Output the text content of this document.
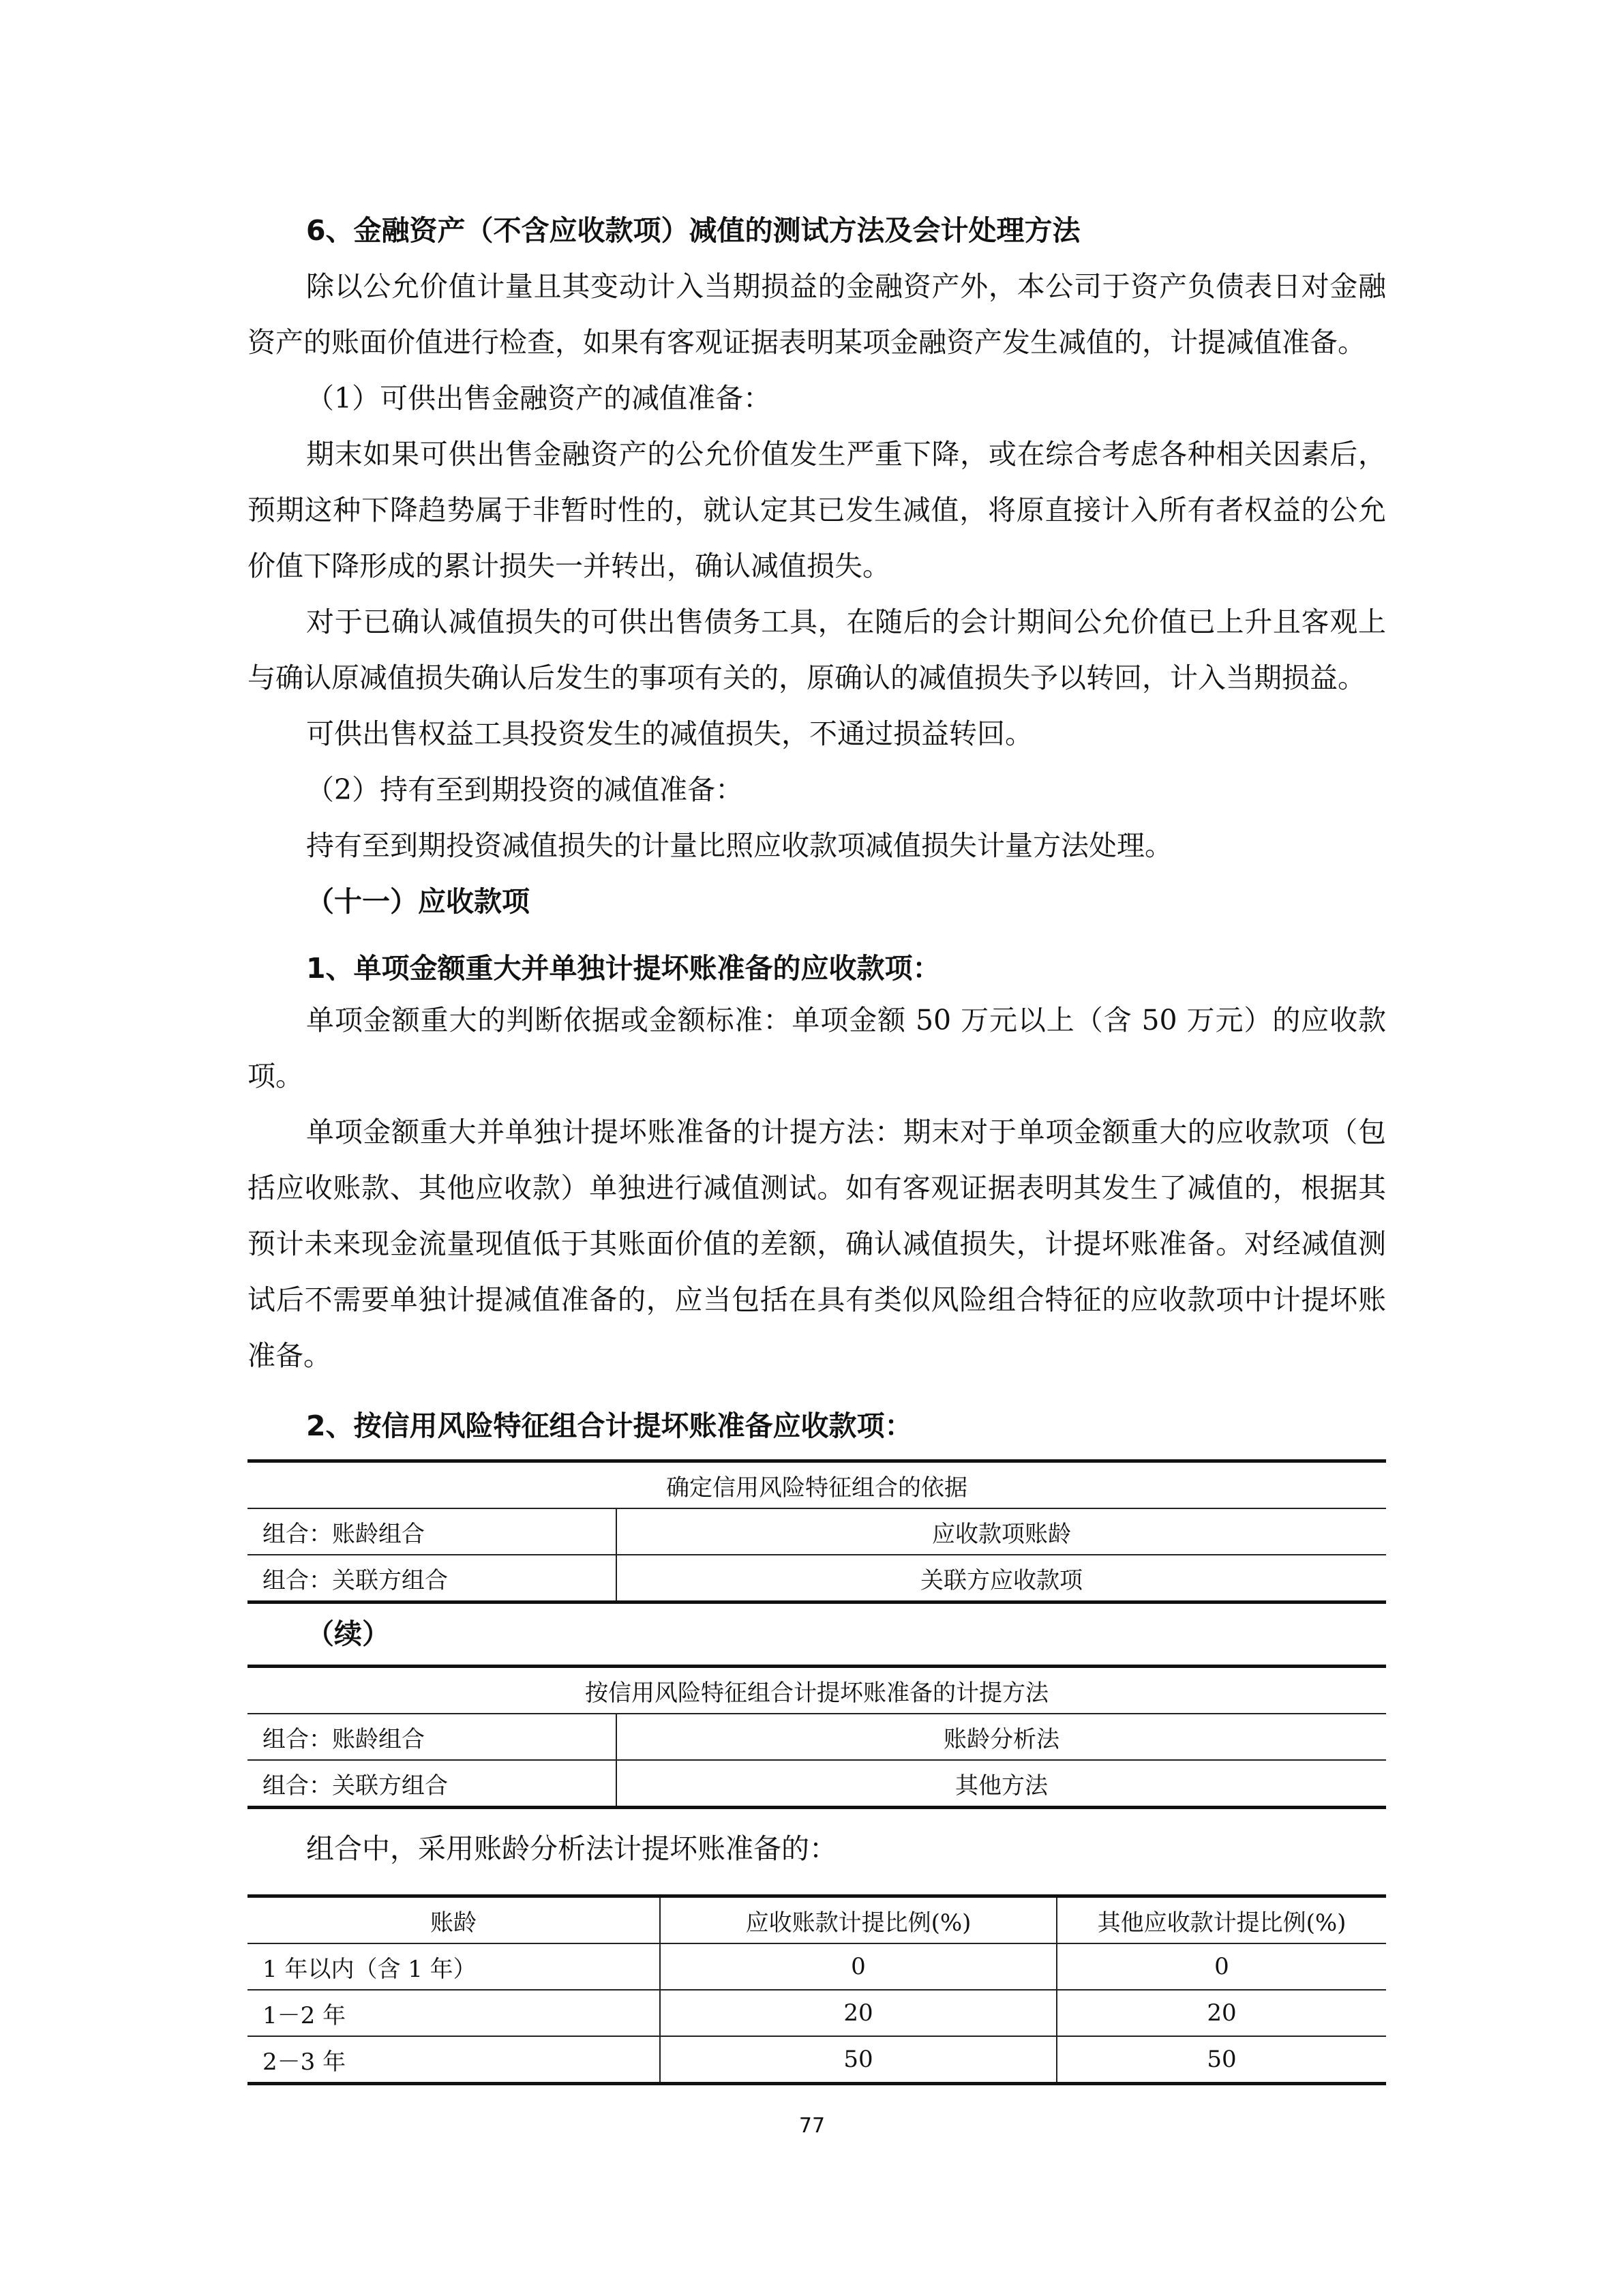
6、金融资产（不含应收款项）减值的测试方法及会计处理方法
除以公允价值计量且其变动计入当期损益的金融资产外，本公司于资产负债表日对金融资产的账面价值进行检查，如果有客观证据表明某项金融资产发生减值的，计提减值准备。
（1）可供出售金融资产的减值准备：
期末如果可供出售金融资产的公允价值发生严重下降，或在综合考虑各种相关因素后，预期这种下降趋势属于非暂时性的，就认定其已发生减值，将原直接计入所有者权益的公允价值下降形成的累计损失一并转出，确认减值损失。
对于已确认减值损失的可供出售债务工具，在随后的会计期间公允价值已上升且客观上与确认原减值损失确认后发生的事项有关的，原确认的减值损失予以转回，计入当期损益。
可供出售权益工具投资发生的减值损失，不通过损益转回。
（2）持有至到期投资的减值准备：
持有至到期投资减值损失的计量比照应收款项减值损失计量方法处理。
（十一）应收款项
1、单项金额重大并单独计提坏账准备的应收款项：
单项金额重大的判断依据或金额标准：单项金额 50 万元以上（含 50 万元）的应收款项。
单项金额重大并单独计提坏账准备的计提方法：期末对于单项金额重大的应收款项（包括应收账款、其他应收款）单独进行减值测试。如有客观证据表明其发生了减值的，根据其预计未来现金流量现值低于其账面价值的差额，确认减值损失，计提坏账准备。对经减值测试后不需要单独计提减值准备的，应当包括在具有类似风险组合特征的应收款项中计提坏账准备。
2、按信用风险特征组合计提坏账准备应收款项：
确定信用风险特征组合的依据	
组合：账龄组合	应收款项账龄
组合：关联方组合	关联方应收款项
（续）
按信用风险特征组合计提坏账准备的计提方法	
组合：账龄组合	账龄分析法
组合：关联方组合	其他方法
组合中，采用账龄分析法计提坏账准备的：
账龄	应收账款计提比例(%)	其他应收款计提比例(%)
1 年以内（含 1 年）	0	0
1－2 年	20	20
2－3 年	50	50
77
